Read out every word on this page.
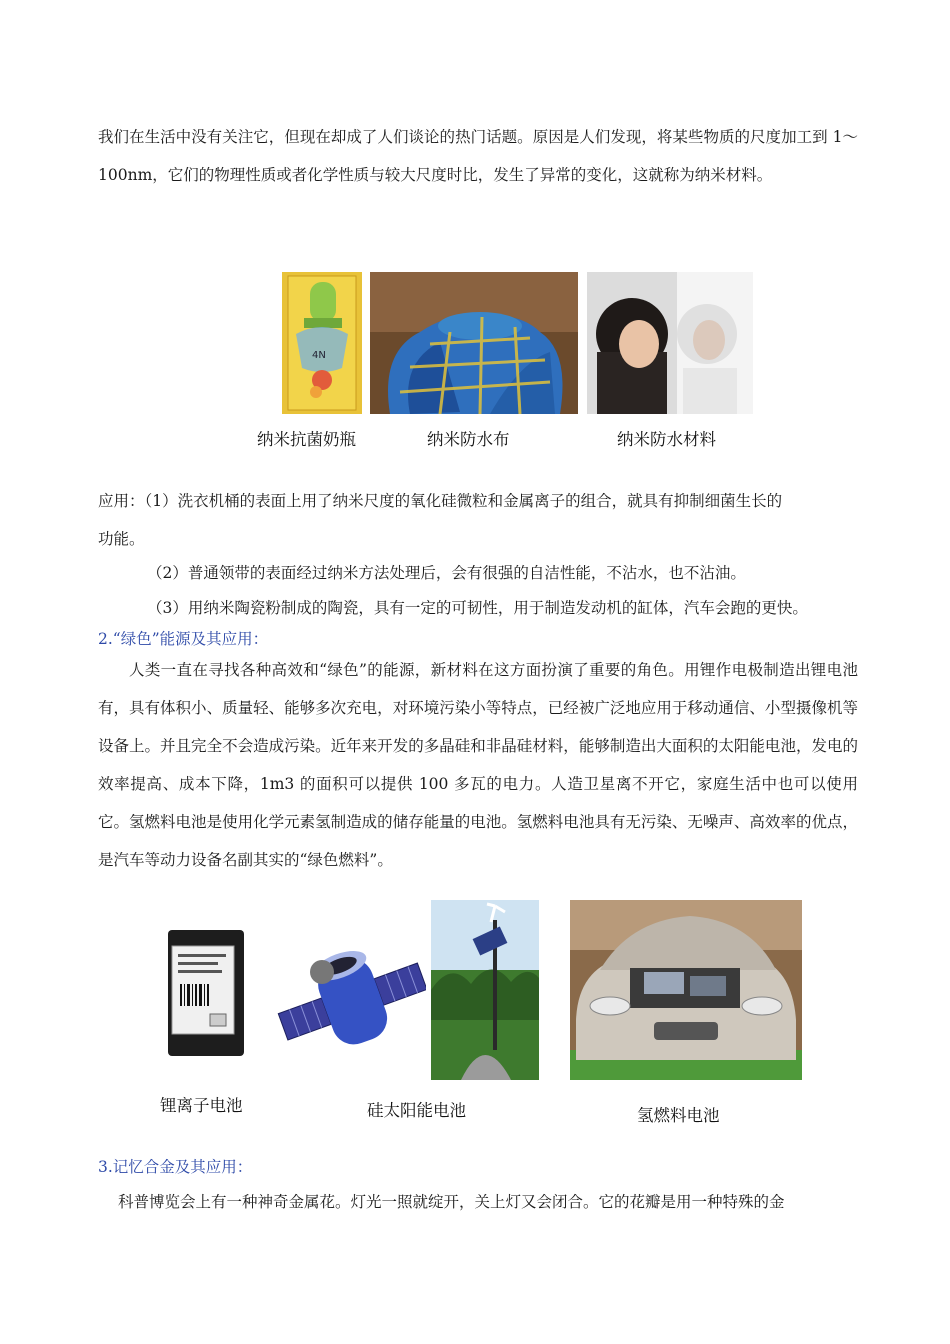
我们在生活中没有关注它，但现在却成了人们谈论的热门话题。原因是人们发现，将某些物质的尺度加工到 1～100nm，它们的物理性质或者化学性质与较大尺度时比，发生了异常的变化，这就称为纳米材料。

4N
纳米抗菌奶瓶	纳米防水布	纳米防水材料

应用：（1）洗衣机桶的表面上用了纳米尺度的氧化硅微粒和金属离子的组合，就具有抑制细菌生长的

功能。

（2）普通领带的表面经过纳米方法处理后，会有很强的自洁性能，不沾水，也不沾油。

（3）用纳米陶瓷粉制成的陶瓷，具有一定的可韧性，用于制造发动机的缸体，汽车会跑的更快。

2.“绿色”能源及其应用：

人类一直在寻找各种高效和“绿色”的能源，新材料在这方面扮演了重要的角色。用锂作电极制造出锂电池有，具有体积小、质量轻、能够多次充电，对环境污染小等特点，已经被广泛地应用于移动通信、小型摄像机等设备上。并且完全不会造成污染。近年来开发的多晶硅和非晶硅材料，能够制造出大面积的太阳能电池，发电的效率提高、成本下降，1m3 的面积可以提供 100 多瓦的电力。人造卫星离不开它，家庭生活中也可以使用它。氢燃料电池是使用化学元素氢制造成的储存能量的电池。氢燃料电池具有无污染、无噪声、高效率的优点，是汽车等动力设备名副其实的“绿色燃料”。

锂离子电池	硅太阳能电池	氢燃料电池

3.记忆合金及其应用：

科普博览会上有一种神奇金属花。灯光一照就绽开，关上灯又会闭合。它的花瓣是用一种特殊的金
